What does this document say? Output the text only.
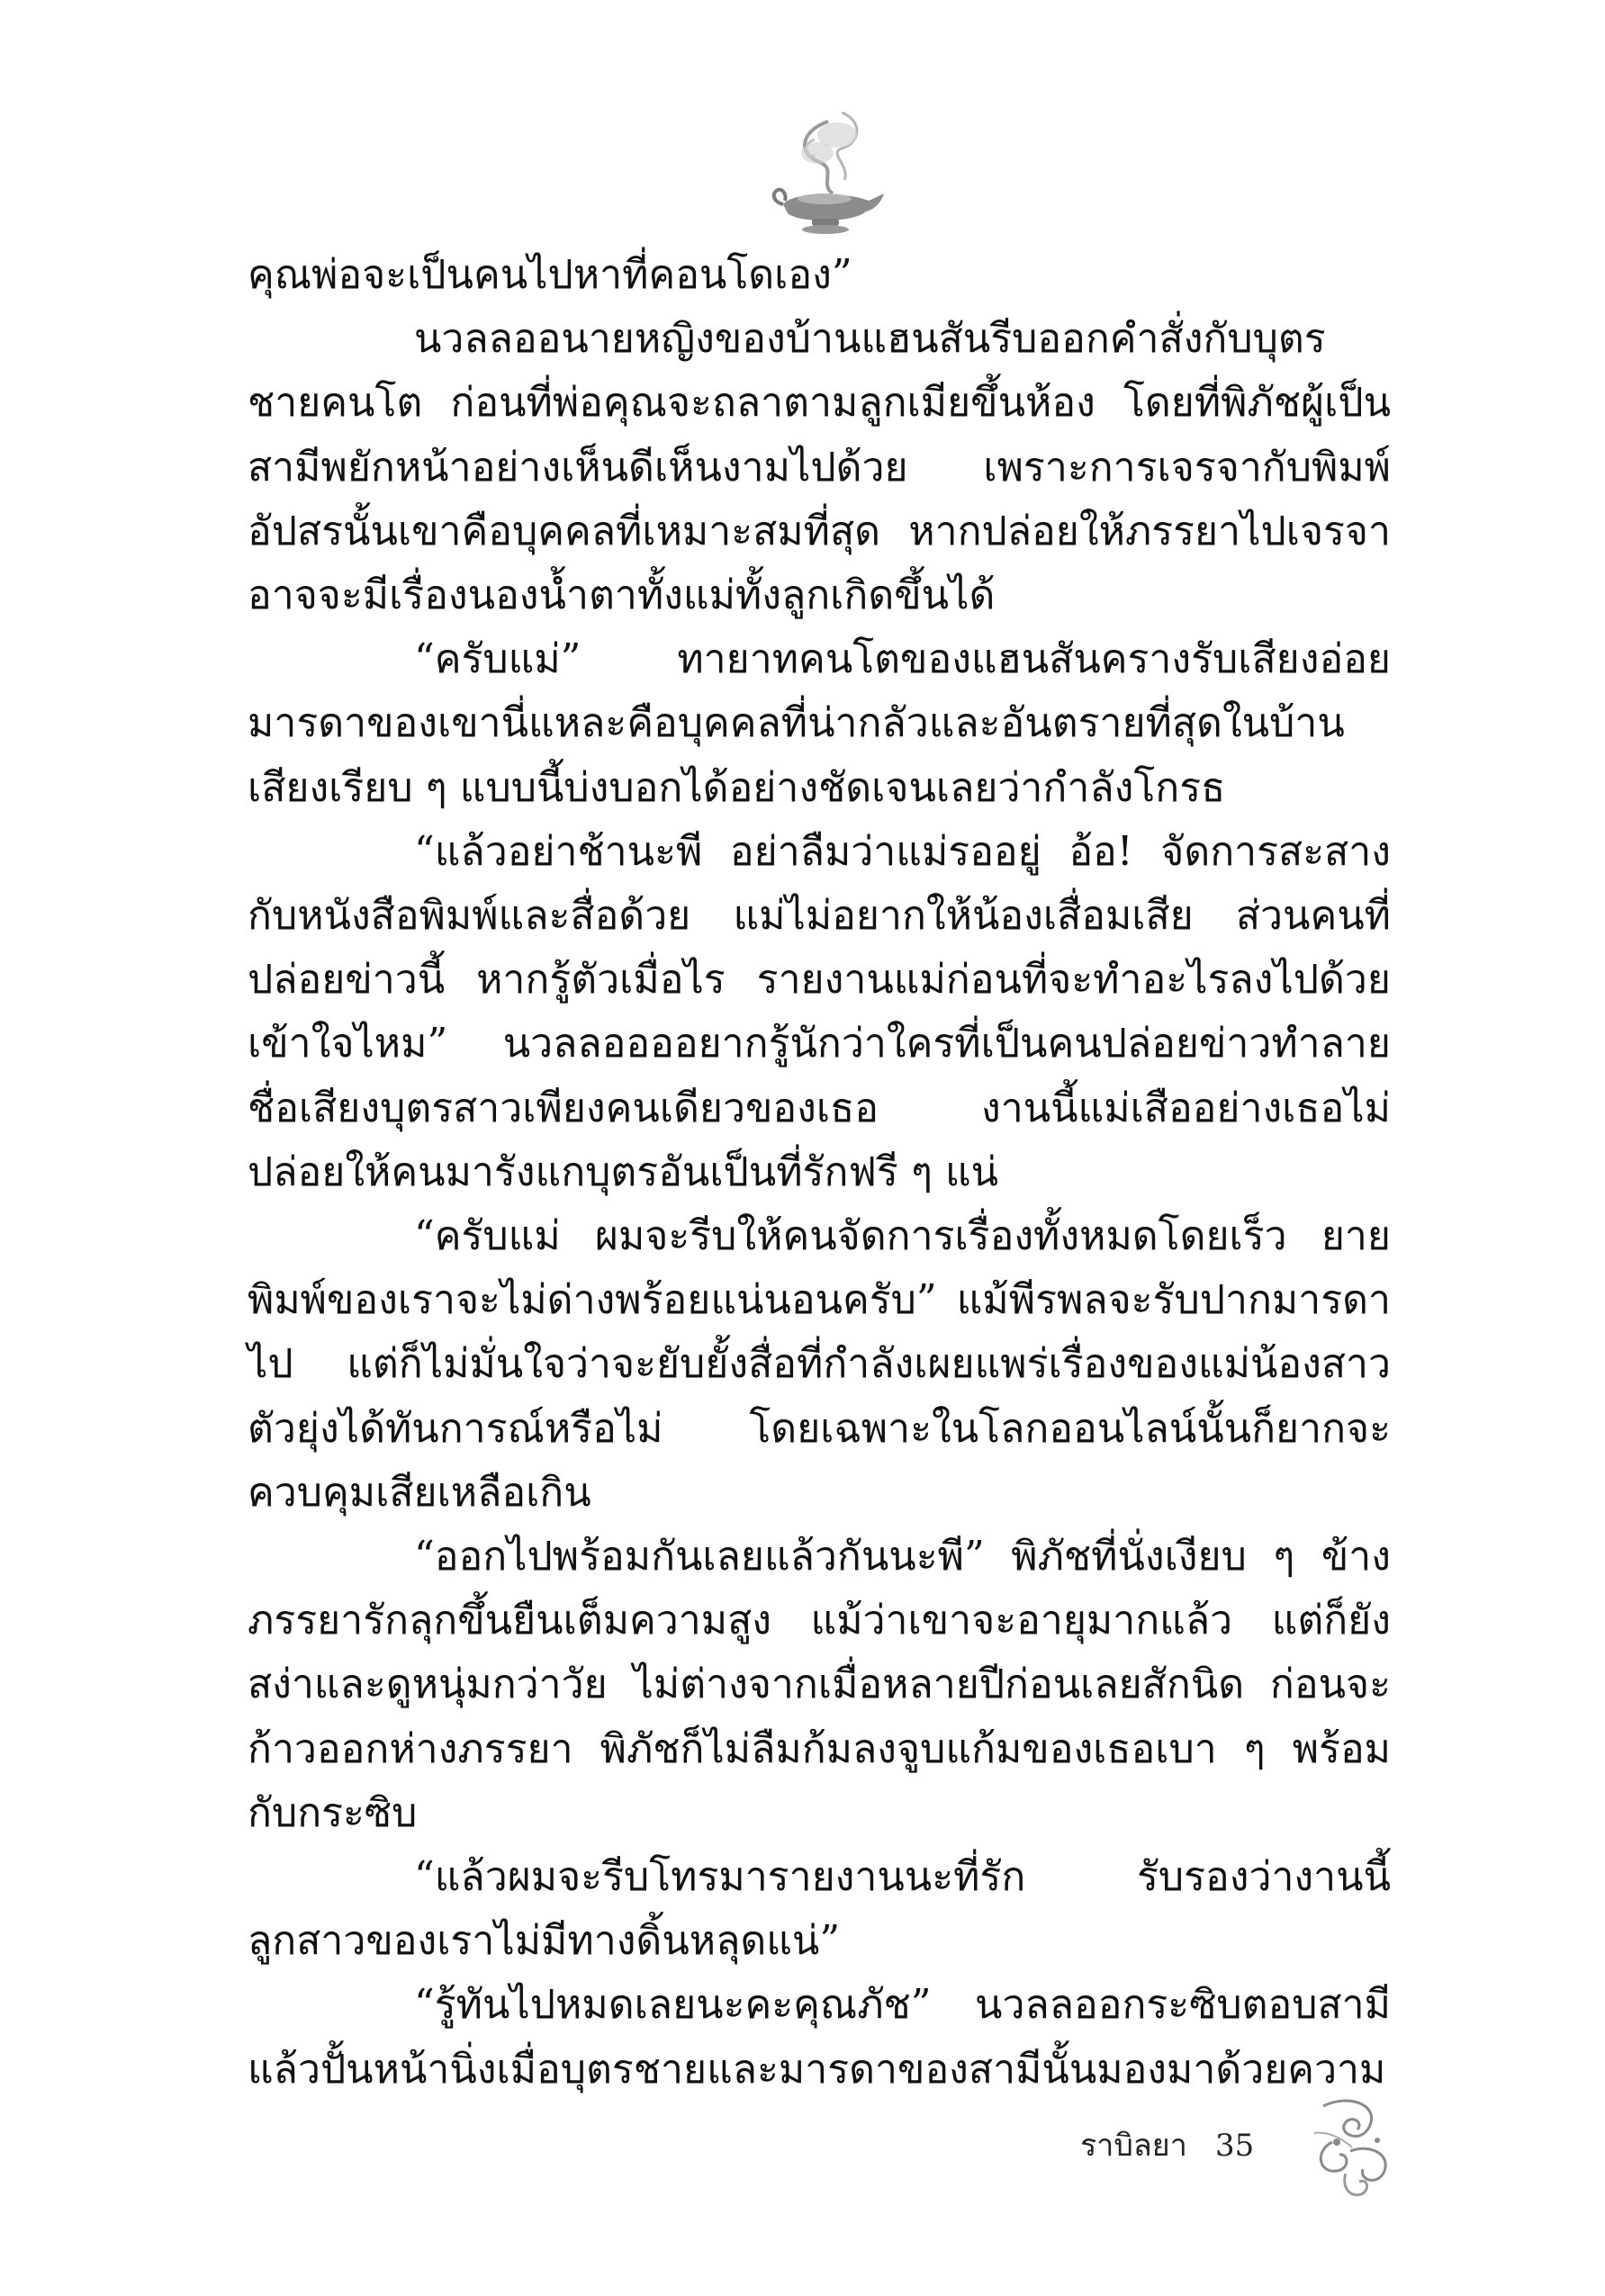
คุณพ่อจะเป็นคนไปหาที่คอนโดเอง”

นวลลออนายหญิงของบ้านแฮนสันรีบออกคำสั่งกับบุตรชายคนโต ก่อนที่พ่อคุณจะถลาตามลูกเมียขึ้นห้อง โดยที่พิภัชผู้เป็นสามีพยักหน้าอย่างเห็นดีเห็นงามไปด้วย เพราะการเจรจากับพิมพ์อัปสรนั้นเขาคือบุคคลที่เหมาะสมที่สุด หากปล่อยให้ภรรยาไปเจรจาอาจจะมีเรื่องนองน้ำตาทั้งแม่ทั้งลูกเกิดขึ้นได้

“ครับแม่” ทายาทคนโตของแฮนสันครางรับเสียงอ่อย มารดาของเขานี่แหละคือบุคคลที่น่ากลัวและอันตรายที่สุดในบ้าน เสียงเรียบ ๆ แบบนี้บ่งบอกได้อย่างชัดเจนเลยว่ากำลังโกรธ

“แล้วอย่าช้านะพี อย่าลืมว่าแม่รออยู่ อ้อ! จัดการสะสางกับหนังสือพิมพ์และสื่อด้วย แม่ไม่อยากให้น้องเสื่อมเสีย ส่วนคนที่ปล่อยข่าวนี้ หากรู้ตัวเมื่อไร รายงานแม่ก่อนที่จะทำอะไรลงไปด้วย เข้าใจไหม” นวลลออออยากรู้นักว่าใครที่เป็นคนปล่อยข่าวทำลายชื่อเสียงบุตรสาวเพียงคนเดียวของเธอ งานนี้แม่เสืออย่างเธอไม่ปล่อยให้คนมารังแกบุตรอันเป็นที่รักฟรี ๆ แน่

“ครับแม่ ผมจะรีบให้คนจัดการเรื่องทั้งหมดโดยเร็ว ยายพิมพ์ของเราจะไม่ด่างพร้อยแน่นอนครับ” แม้พีรพลจะรับปากมารดาไป แต่ก็ไม่มั่นใจว่าจะยับยั้งสื่อที่กำลังเผยแพร่เรื่องของแม่น้องสาวตัวยุ่งได้ทันการณ์หรือไม่ โดยเฉพาะในโลกออนไลน์นั้นก็ยากจะควบคุมเสียเหลือเกิน

“ออกไปพร้อมกันเลยแล้วกันนะพี” พิภัชที่นั่งเงียบ ๆ ข้างภรรยารักลุกขึ้นยืนเต็มความสูง แม้ว่าเขาจะอายุมากแล้ว แต่ก็ยังสง่าและดูหนุ่มกว่าวัย ไม่ต่างจากเมื่อหลายปีก่อนเลยสักนิด ก่อนจะก้าวออกห่างภรรยา พิภัชก็ไม่ลืมก้มลงจูบแก้มของเธอเบา ๆ พร้อมกับกระซิบ

“แล้วผมจะรีบโทรมารายงานนะที่รัก รับรองว่างานนี้ลูกสาวของเราไม่มีทางดิ้นหลุดแน่”

“รู้ทันไปหมดเลยนะคะคุณภัช” นวลลออกระซิบตอบสามีแล้วปั้นหน้านิ่งเมื่อบุตรชายและมารดาของสามีนั้นมองมาด้วยความ

ราบิลยา 35
